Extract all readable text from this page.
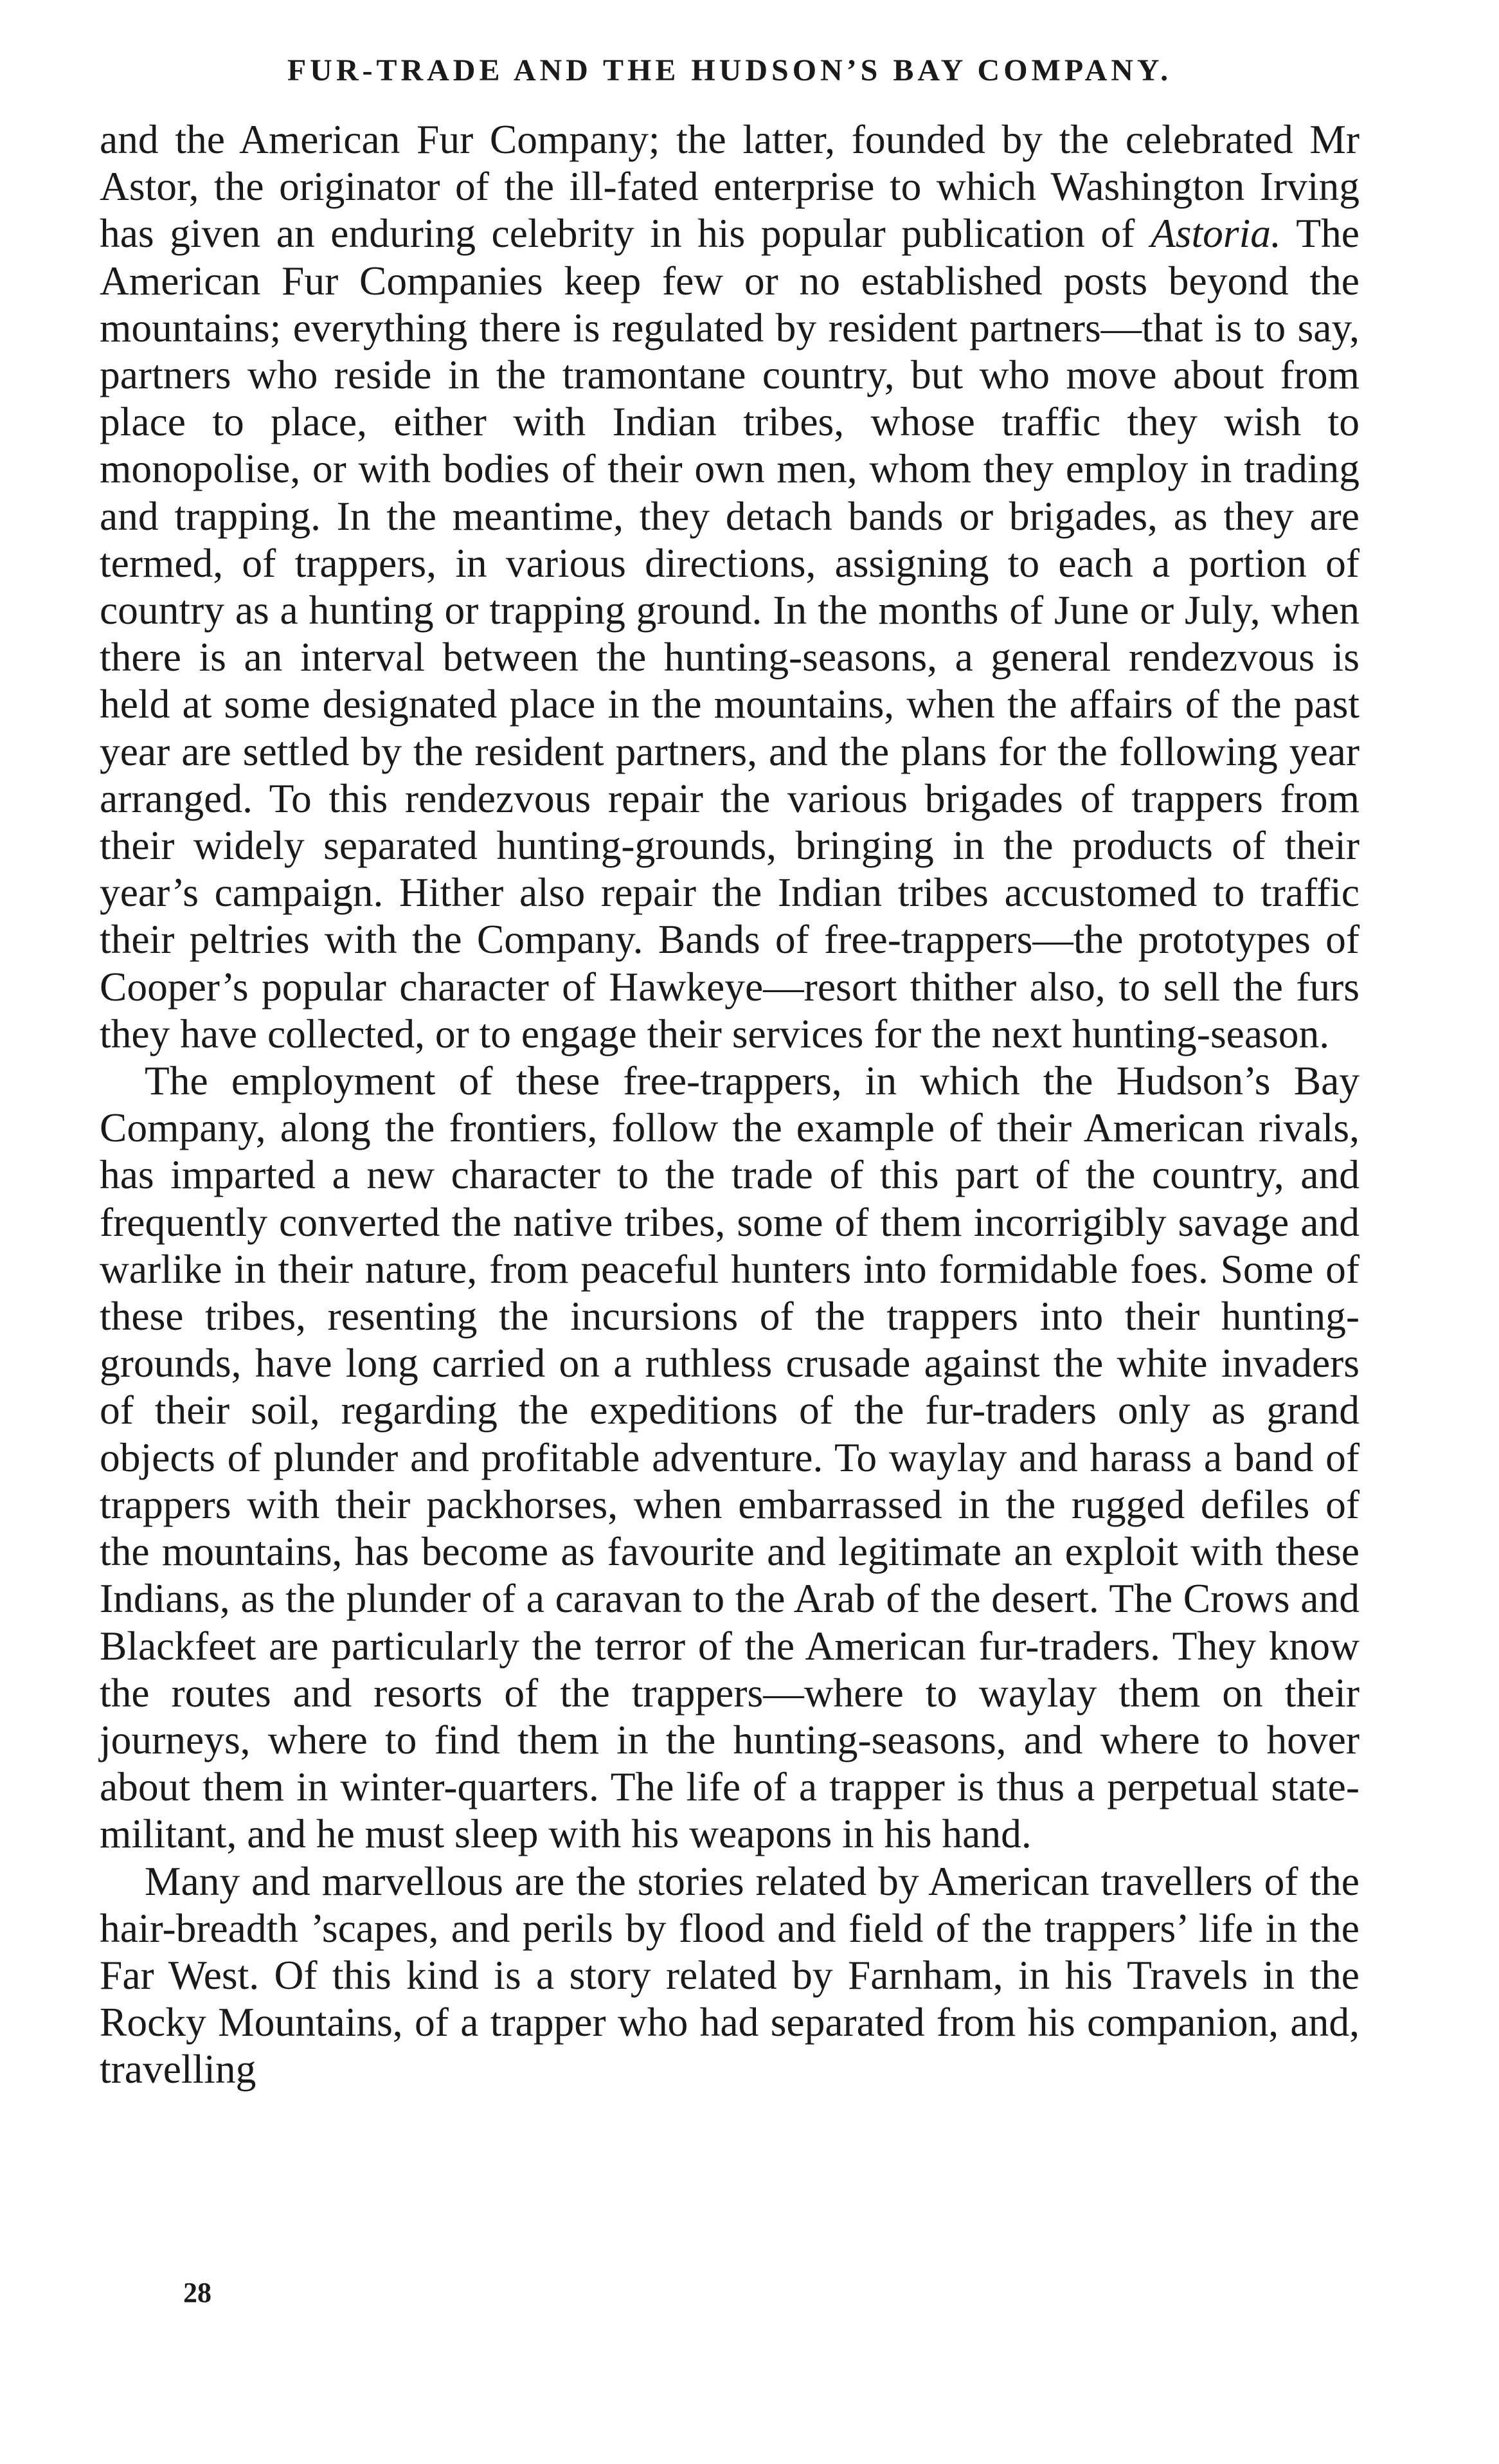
FUR-TRADE AND THE HUDSON’S BAY COMPANY.

and the American Fur Company; the latter, founded by the celebrated Mr Astor, the originator of the ill-fated enterprise to which Washington Irving has given an enduring celebrity in his popular publication of Astoria. The American Fur Companies keep few or no established posts beyond the mountains; everything there is regulated by resident partners—that is to say, partners who reside in the tramontane country, but who move about from place to place, either with Indian tribes, whose traffic they wish to monopolise, or with bodies of their own men, whom they employ in trading and trapping. In the meantime, they detach bands or brigades, as they are termed, of trappers, in various directions, assigning to each a portion of country as a hunting or trapping ground. In the months of June or July, when there is an interval between the hunting-seasons, a general rendezvous is held at some designated place in the mountains, when the affairs of the past year are settled by the resident partners, and the plans for the following year arranged. To this rendezvous repair the various brigades of trappers from their widely separated hunting-grounds, bringing in the products of their year’s campaign. Hither also repair the Indian tribes accustomed to traffic their peltries with the Company. Bands of free-trappers—the prototypes of Cooper’s popular character of Hawkeye—resort thither also, to sell the furs they have collected, or to engage their services for the next hunting-season.

The employment of these free-trappers, in which the Hudson’s Bay Company, along the frontiers, follow the example of their American rivals, has imparted a new character to the trade of this part of the country, and frequently converted the native tribes, some of them incorrigibly savage and warlike in their nature, from peaceful hunters into formidable foes. Some of these tribes, resenting the incursions of the trappers into their hunting-grounds, have long carried on a ruthless crusade against the white invaders of their soil, regarding the expeditions of the fur-traders only as grand objects of plunder and profitable adventure. To waylay and harass a band of trappers with their packhorses, when embarrassed in the rugged defiles of the mountains, has become as favourite and legitimate an exploit with these Indians, as the plunder of a caravan to the Arab of the desert. The Crows and Blackfeet are particularly the terror of the American fur-traders. They know the routes and resorts of the trappers—where to waylay them on their journeys, where to find them in the hunting-seasons, and where to hover about them in winter-quarters. The life of a trapper is thus a perpetual state-militant, and he must sleep with his weapons in his hand.

Many and marvellous are the stories related by American travellers of the hair-breadth ’scapes, and perils by flood and field of the trappers’ life in the Far West. Of this kind is a story related by Farnham, in his Travels in the Rocky Mountains, of a trapper who had separated from his companion, and, travelling

28
